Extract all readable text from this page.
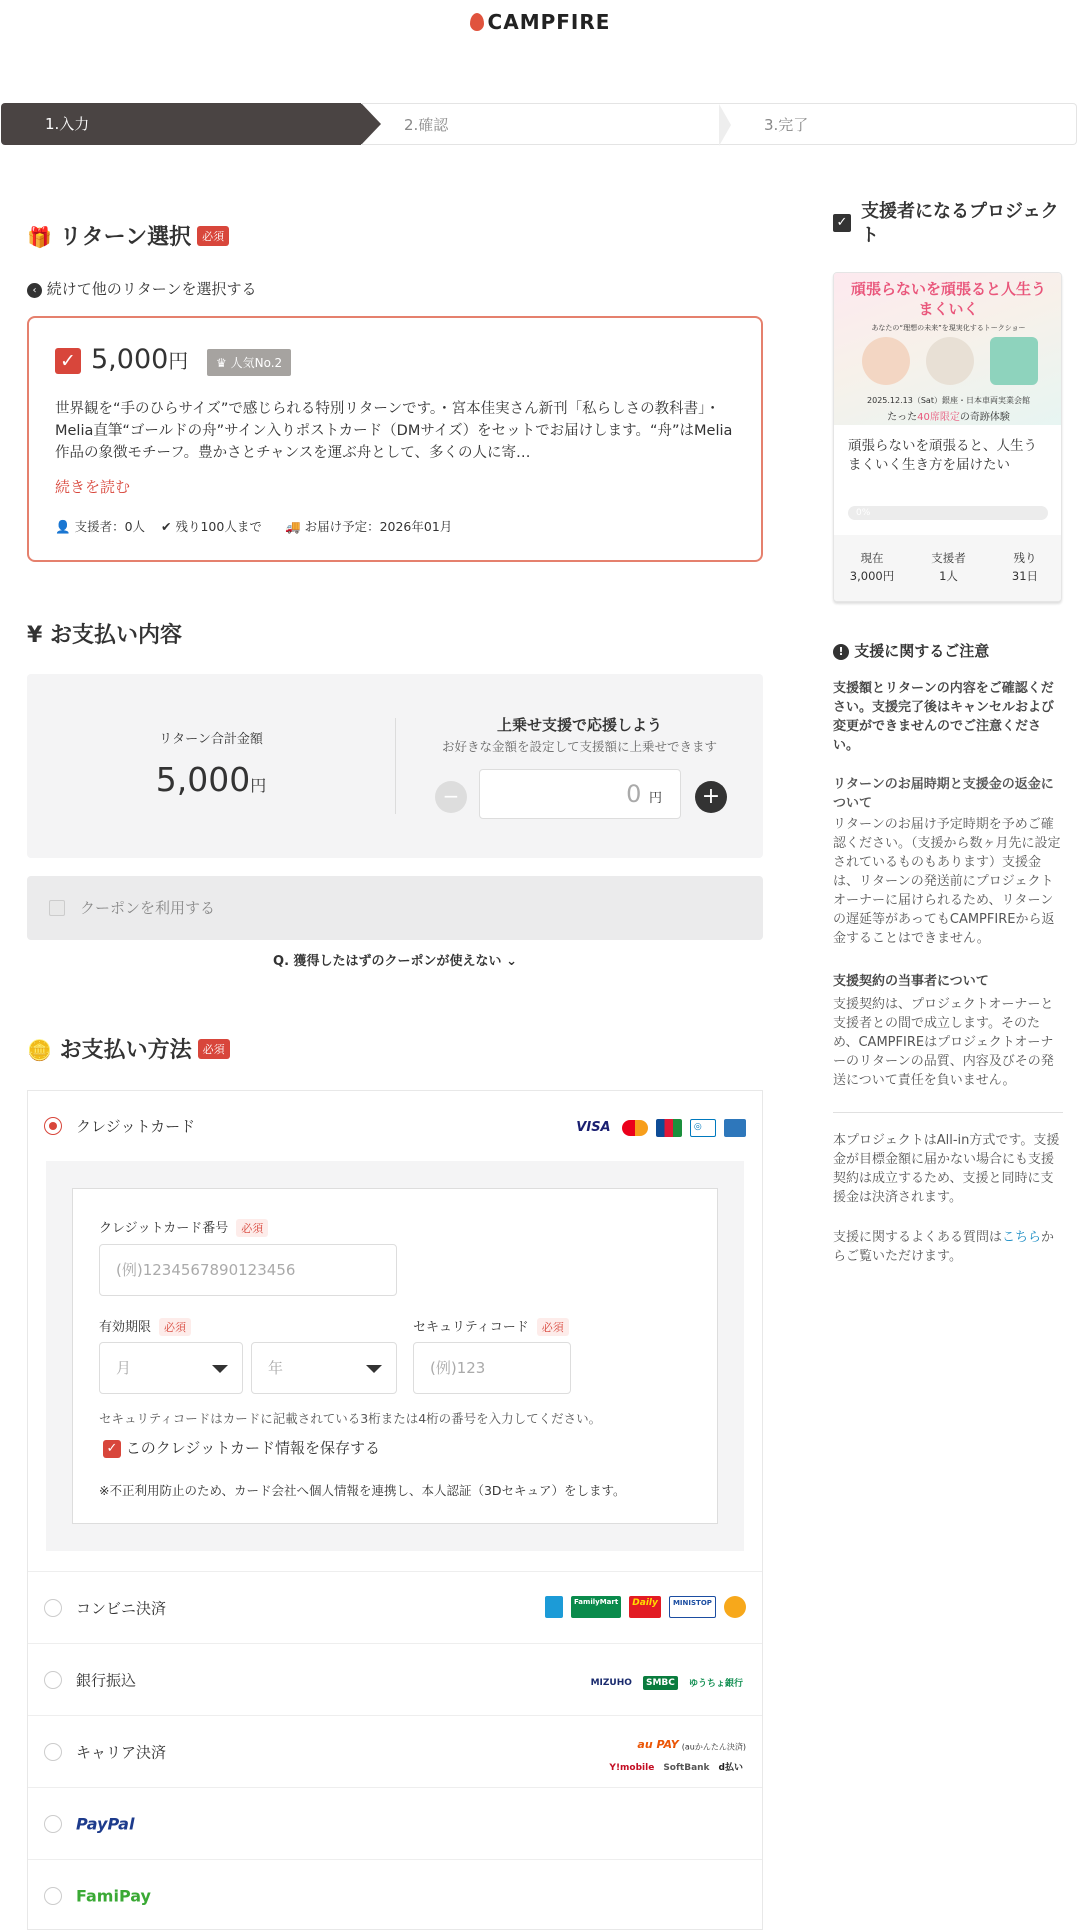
CAMPFIRE
1.入力	2.確認	3.完了
🎁 リターン選択 必須
‹ 続けて他のリターンを選択する
✓ 5,000円	♛ 人気No.2
世界観を“手のひらサイズ”で感じられる特別リターンです。・宮本佳実さん新刊「私らしさの教科書」・Melia直筆“ゴールドの舟”サイン入りポストカード（DMサイズ）をセットでお届けします。“舟”はMelia作品の象徴モチーフ。豊かさとチャンスを運ぶ舟として、多くの人に寄…
続きを読む
👤 支援者：0人 ✔ 残り100人まで 🚚 お届け予定：2026年01月
¥ お支払い内容
リターン合計金額
5,000円
上乗せ支援で応援しよう
お好きな金額を設定して支援額に上乗せできます
−	0 円	+
クーポンを利用する
Q. 獲得したはずのクーポンが使えない ⌄
🪙 お支払い方法 必須
クレジットカード	VISA	◎
クレジットカード番号 必須
(例)1234567890123456
有効期限 必須
月	年
セキュリティコード 必須
(例)123
セキュリティコードはカードに記載されている3桁または4桁の番号を入力してください。
✓ このクレジットカード情報を保存する
※不正利用防止のため、カード会社へ個人情報を連携し、本人認証（3Dセキュア）をします。
コンビニ決済	FamilyMart Daily MINISTOP
銀行振込	MIZUHO SMBC ゆうちょ銀行
キャリア決済	au PAY (auかんたん決済)
Y!mobile SoftBank d払い
PayPal
FamiPay
✓
支援者になるプロジェクト
頑張らないを頑張ると人生うまくいく
あなたの“理想の未来”を現実化するトークショー
2025.12.13（Sat）銀座・日本車両実業会館
たった40席限定の奇跡体験
頑張らないを頑張ると、人生うまくいく生き方を届けたい
0%
現在
3,000円
支援者
1人
残り
31日
! 支援に関するご注意
支援額とリターンの内容をご確認ください。支援完了後はキャンセルおよび変更ができませんのでご注意ください。
リターンのお届時期と支援金の返金について
リターンのお届け予定時期を予めご確認ください。（支援から数ヶ月先に設定されているものもあります）支援金は、リターンの発送前にプロジェクトオーナーに届けられるため、リターンの遅延等があってもCAMPFIREから返金することはできません。
支援契約の当事者について
支援契約は、プロジェクトオーナーと支援者との間で成立します。そのため、CAMPFIREはプロジェクトオーナーのリターンの品質、内容及びその発送について責任を負いません。
本プロジェクトはAll-in方式です。支援金が目標金額に届かない場合にも支援契約は成立するため、支援と同時に支援金は決済されます。
支援に関するよくある質問はこちらからご覧いただけます。
